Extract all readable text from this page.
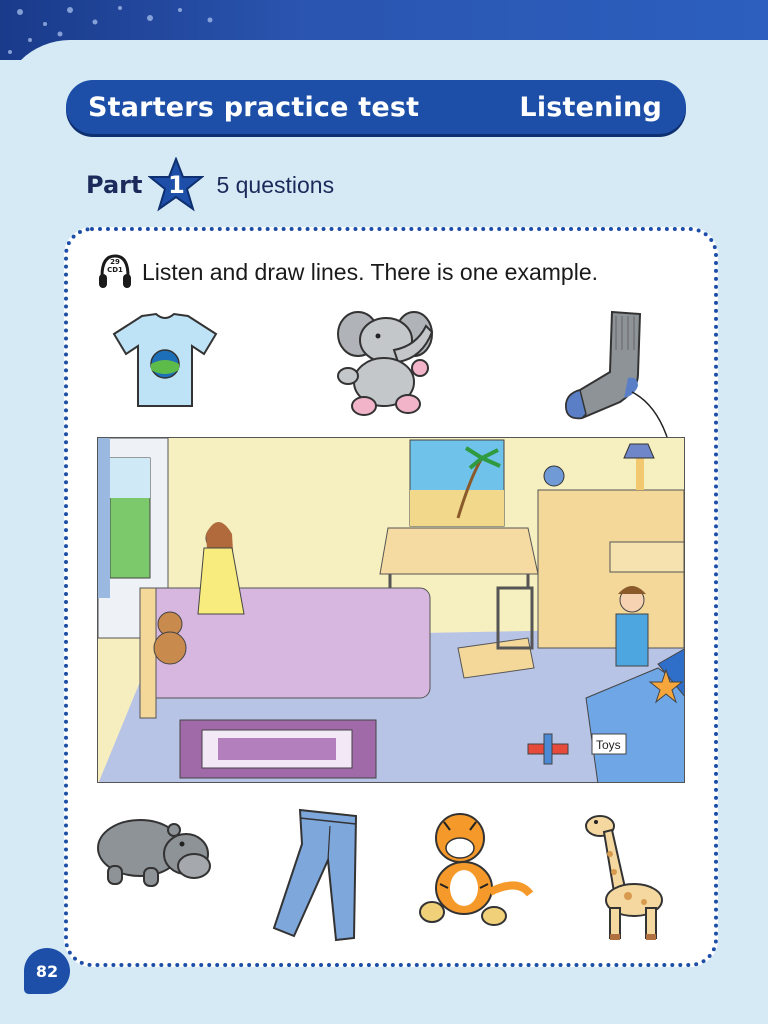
Starters practice test	Listening
Part	1	5 questions
29
CD1 Listen and draw lines. There is one example.
Toys
82
